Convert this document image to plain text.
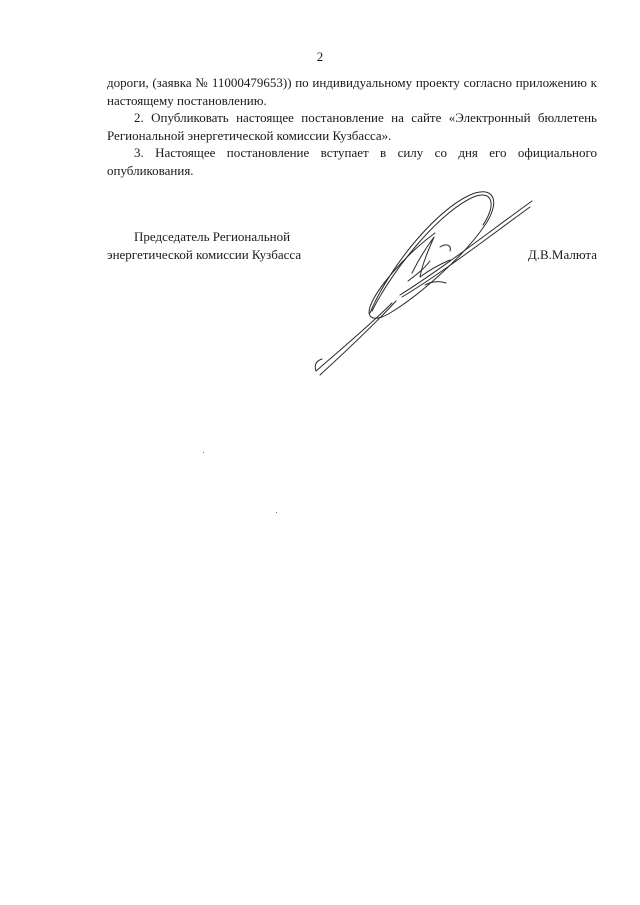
2

дороги, (заявка № 11000479653)) по индивидуальному проекту согласно приложению к настоящему постановлению.

2. Опубликовать настоящее постановление на сайте «Электронный бюллетень Региональной энергетической комиссии Кузбасса».

3. Настоящее постановление вступает в силу со дня его официального опубликования.

Председатель Региональной
энергетической комиссии Кузбасса	Д.В.Малюта
